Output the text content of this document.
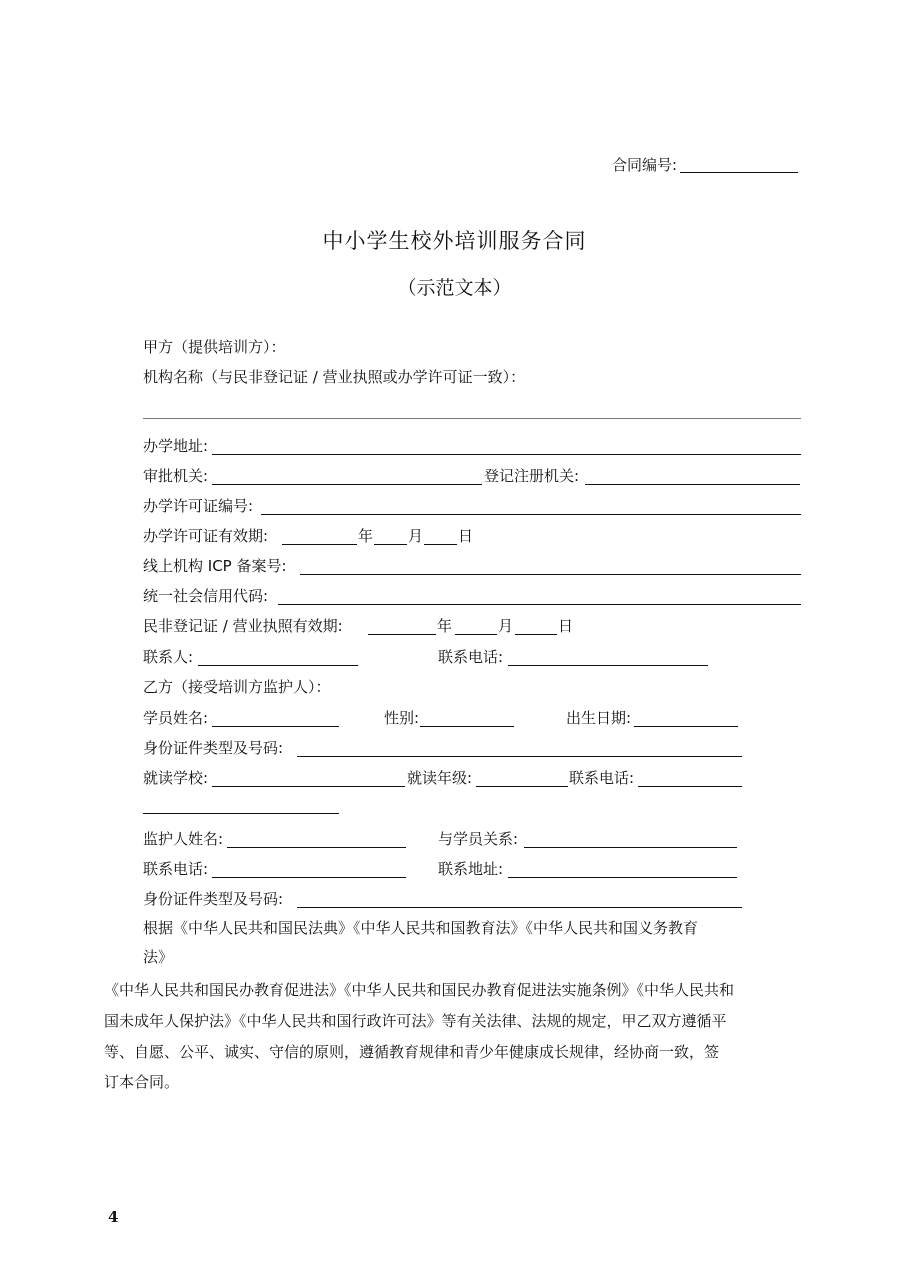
合同编号:
中小学生校外培训服务合同
（示范文本）
甲方（提供培训方）：
机构名称（与民非登记证 / 营业执照或办学许可证一致）：
办学地址:
审批机关:	登记注册机关:
办学许可证编号:
办学许可证有效期:	年 月 日
线上机构 ICP 备案号:
统一社会信用代码:
民非登记证 / 营业执照有效期:	年	月	日
联系人:	联系电话:
乙方（接受培训方监护人）：
学员姓名:	性别:	出生日期:
身份证件类型及号码:
就读学校:	就读年级:	联系电话:
监护人姓名:	与学员关系:
联系电话:	联系地址:
身份证件类型及号码:
根据《中华人民共和国民法典》《中华人民共和国教育法》《中华人民共和国义务教育
法》
《中华人民共和国民办教育促进法》《中华人民共和国民办教育促进法实施条例》《中华人民共和
国未成年人保护法》《中华人民共和国行政许可法》等有关法律、法规的规定，甲乙双方遵循平
等、自愿、公平、诚实、守信的原则，遵循教育规律和青少年健康成长规律，经协商一致，签
订本合同。
4
